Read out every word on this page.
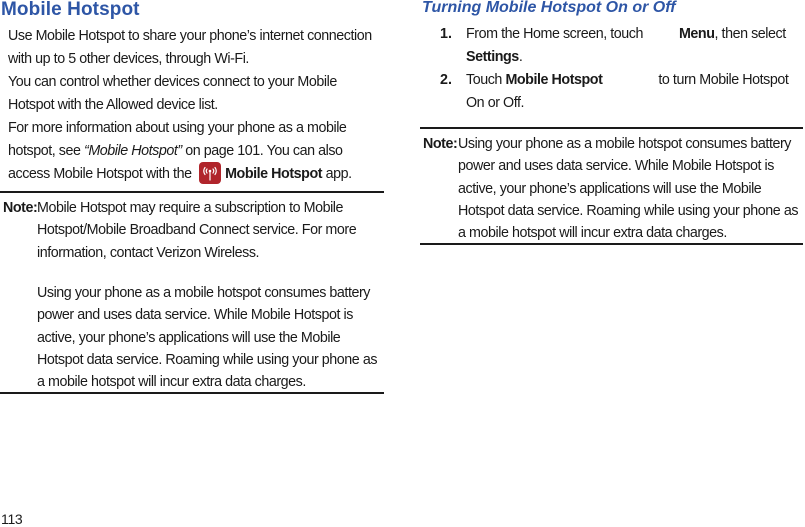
Mobile Hotspot
Use Mobile Hotspot to share your phone’s internet connection with up to 5 other devices, through Wi-Fi.
You can control whether devices connect to your Mobile Hotspot with the Allowed device list.
For more information about using your phone as a mobile hotspot, see “Mobile Hotspot” on page 101. You can also access Mobile Hotspot with the
Mobile Hotspot app.
Note: Mobile Hotspot may require a subscription to Mobile
Hotspot/Mobile Broadband Connect service. For more
information, contact Verizon Wireless.
Using your phone as a mobile hotspot consumes battery power and uses data service. While Mobile Hotspot is active, your phone’s applications will use the Mobile Hotspot data service. Roaming while using your phone as a mobile hotspot will incur extra data charges.
113
Turning Mobile Hotspot On or Off
1. From the Home screen, touch	Menu, then select
Settings.
2. Touch Mobile Hotspot	to turn Mobile Hotspot
On or Off.
Note: Using your phone as a mobile hotspot consumes battery power and uses data service. While Mobile Hotspot is active, your phone’s applications will use the Mobile Hotspot data service. Roaming while using your phone as a mobile hotspot will incur extra data charges.
